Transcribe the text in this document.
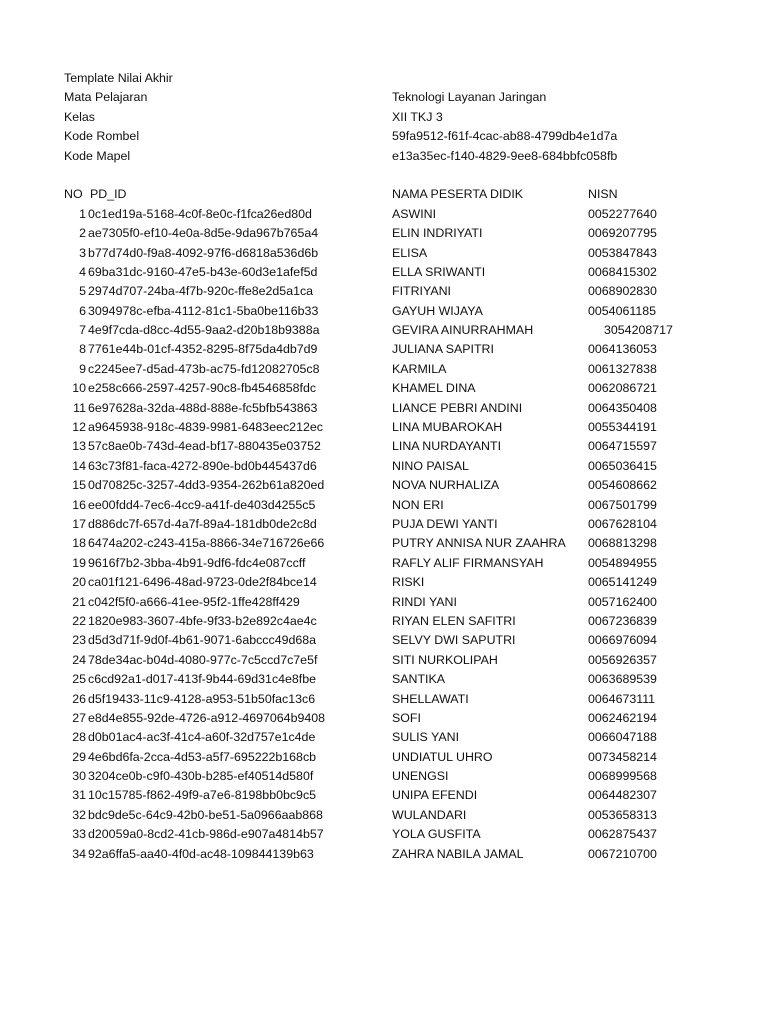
Template Nilai Akhir
Mata Pelajaran	Teknologi Layanan Jaringan
Kelas	XII TKJ 3
Kode Rombel	59fa9512-f61f-4cac-ab88-4799db4e1d7a
Kode Mapel	e13a35ec-f140-4829-9ee8-684bbfc058fb
NO PD_ID	NAMA PESERTA DIDIK	NISN
1 0c1ed19a-5168-4c0f-8e0c-f1fca26ed80d	ASWINI	0052277640
2 ae7305f0-ef10-4e0a-8d5e-9da967b765a4	ELIN INDRIYATI	0069207795
3 b77d74d0-f9a8-4092-97f6-d6818a536d6b	ELISA	0053847843
4 69ba31dc-9160-47e5-b43e-60d3e1afef5d	ELLA SRIWANTI	0068415302
5 2974d707-24ba-4f7b-920c-ffe8e2d5a1ca	FITRIYANI	0068902830
6 3094978c-efba-4112-81c1-5ba0be116b33	GAYUH WIJAYA	0054061185
7 4e9f7cda-d8cc-4d55-9aa2-d20b18b9388a	GEVIRA AINURRAHMAH	3054208717
8 7761e44b-01cf-4352-8295-8f75da4db7d9	JULIANA SAPITRI	0064136053
9 c2245ee7-d5ad-473b-ac75-fd12082705c8	KARMILA	0061327838
10 e258c666-2597-4257-90c8-fb4546858fdc	KHAMEL DINA	0062086721
11 6e97628a-32da-488d-888e-fc5bfb543863	LIANCE PEBRI ANDINI	0064350408
12 a9645938-918c-4839-9981-6483eec212ec	LINA MUBAROKAH	0055344191
13 57c8ae0b-743d-4ead-bf17-880435e03752	LINA NURDAYANTI	0064715597
14 63c73f81-faca-4272-890e-bd0b445437d6	NINO PAISAL	0065036415
15 0d70825c-3257-4dd3-9354-262b61a820ed	NOVA NURHALIZA	0054608662
16 ee00fdd4-7ec6-4cc9-a41f-de403d4255c5	NON ERI	0067501799
17 d886dc7f-657d-4a7f-89a4-181db0de2c8d	PUJA DEWI YANTI	0067628104
18 6474a202-c243-415a-8866-34e716726e66	PUTRY ANNISA NUR ZAAHRA 0068813298
19 9616f7b2-3bba-4b91-9df6-fdc4e087ccff	RAFLY ALIF FIRMANSYAH	0054894955
20 ca01f121-6496-48ad-9723-0de2f84bce14	RISKI	0065141249
21 c042f5f0-a666-41ee-95f2-1ffe428ff429	RINDI YANI	0057162400
22 1820e983-3607-4bfe-9f33-b2e892c4ae4c	RIYAN ELEN SAFITRI	0067236839
23 d5d3d71f-9d0f-4b61-9071-6abccc49d68a	SELVY DWI SAPUTRI	0066976094
24 78de34ac-b04d-4080-977c-7c5ccd7c7e5f	SITI NURKOLIPAH	0056926357
25 c6cd92a1-d017-413f-9b44-69d31c4e8fbe	SANTIKA	0063689539
26 d5f19433-11c9-4128-a953-51b50fac13c6	SHELLAWATI	0064673111
27 e8d4e855-92de-4726-a912-4697064b9408	SOFI	0062462194
28 d0b01ac4-ac3f-41c4-a60f-32d757e1c4de	SULIS YANI	0066047188
29 4e6bd6fa-2cca-4d53-a5f7-695222b168cb	UNDIATUL UHRO	0073458214
30 3204ce0b-c9f0-430b-b285-ef40514d580f	UNENGSI	0068999568
31 10c15785-f862-49f9-a7e6-8198bb0bc9c5	UNIPA EFENDI	0064482307
32 bdc9de5c-64c9-42b0-be51-5a0966aab868	WULANDARI	0053658313
33 d20059a0-8cd2-41cb-986d-e907a4814b57	YOLA GUSFITA	0062875437
34 92a6ffa5-aa40-4f0d-ac48-109844139b63	ZAHRA NABILA JAMAL	0067210700
